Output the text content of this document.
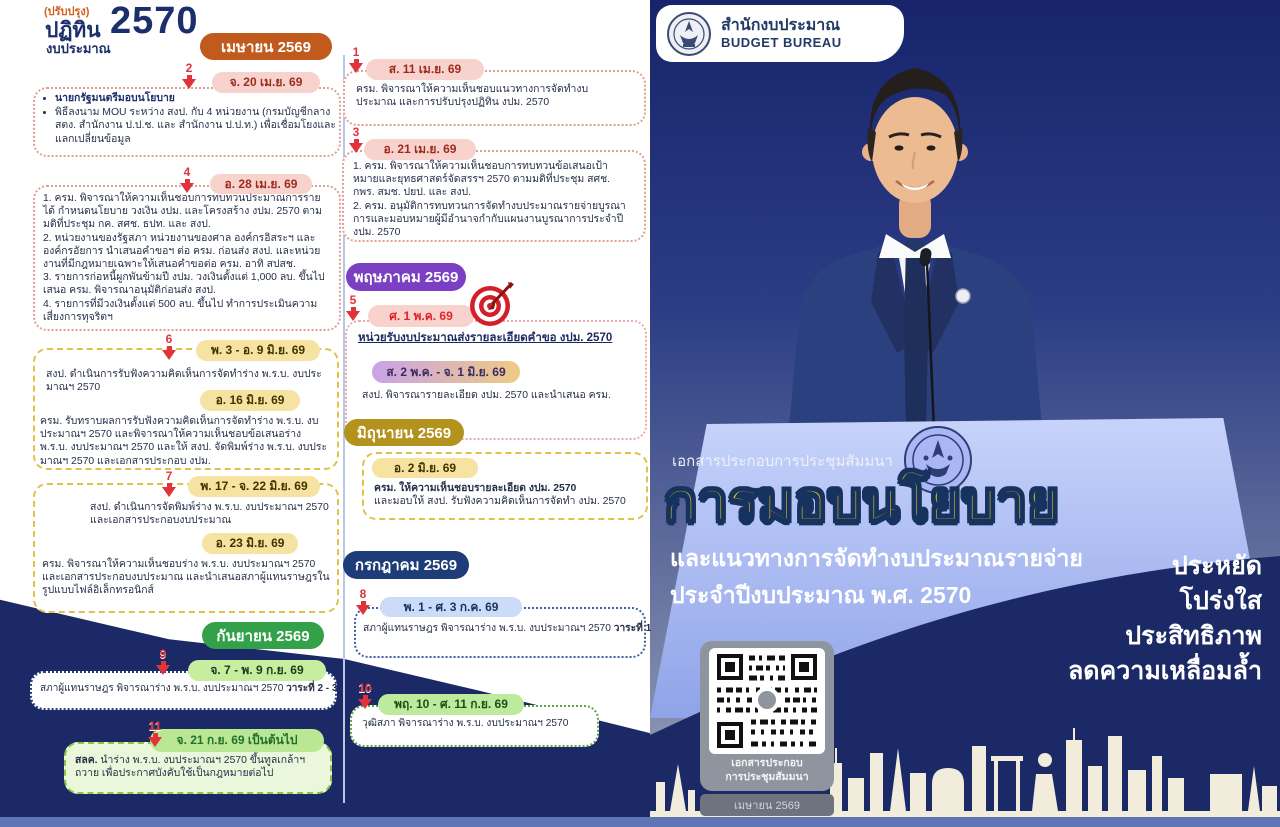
(ปรับปรุง)
ปฏิทิน 2570
งบประมาณ	เมษายน 2569
พฤษภาคม 2569
มิถุนายน 2569
กรกฎาคม 2569
กันยายน 2569
1
2
3
4
5
6
7
8
9
10
11
จ. 20 เม.ย. 69
• นายกรัฐมนตรีมอบนโยบาย
• พิธีลงนาม MOU ระหว่าง สงป. กับ 4 หน่วยงาน (กรมบัญชีกลาง สตง. สำนักงาน ป.ป.ช. และ สำนักงาน ป.ป.ท.) เพื่อเชื่อมโยงและแลกเปลี่ยนข้อมูล
อ. 28 เม.ย. 69
1. ครม. พิจารณาให้ความเห็นชอบการทบทวนประมาณการรายได้ กำหนดนโยบาย วงเงิน งปม. และโครงสร้าง งปม. 2570 ตามมติที่ประชุม กค. สศช. ธปท. และ สงป.
2. หน่วยงานของรัฐสภา หน่วยงานของศาล องค์กรอิสระฯ และองค์กรอัยการ นำเสนอคำขอฯ ต่อ ครม. ก่อนส่ง สงป. และหน่วยงานที่มีกฎหมายเฉพาะให้เสนอคำขอต่อ ครม. อาทิ สปสช.
3. รายการก่อหนี้ผูกพันข้ามปี งปม. วงเงินตั้งแต่ 1,000 ลบ. ขึ้นไป เสนอ ครม. พิจารณาอนุมัติก่อนส่ง สงป.
4. รายการที่มีวงเงินตั้งแต่ 500 ลบ. ขึ้นไป ทำการประเมินความเสี่ยงการทุจริตฯ
พ. 3 - อ. 9 มิ.ย. 69
สงป. ดำเนินการรับฟังความคิดเห็นการจัดทำร่าง พ.ร.บ. งบประมาณฯ 2570
อ. 16 มิ.ย. 69
ครม. รับทราบผลการรับฟังความคิดเห็นการจัดทำร่าง พ.ร.บ. งบประมาณฯ 2570 และพิจารณาให้ความเห็นชอบข้อเสนอร่าง พ.ร.บ. งบประมาณฯ 2570 และให้ สงป. จัดพิมพ์ร่าง พ.ร.บ. งบประมาณฯ 2570 และเอกสารประกอบ งปม.
พ. 17 - จ. 22 มิ.ย. 69
สงป. ดำเนินการจัดพิมพ์ร่าง พ.ร.บ. งบประมาณฯ 2570 และเอกสารประกอบงบประมาณ
อ. 23 มิ.ย. 69
ครม. พิจารณาให้ความเห็นชอบร่าง พ.ร.บ. งบประมาณฯ 2570 และเอกสารประกอบงบประมาณ และนำเสนอสภาผู้แทนราษฎรในรูปแบบไฟล์อิเล็กทรอนิกส์
จ. 7 - พ. 9 ก.ย. 69
สภาผู้แทนราษฎร พิจารณาร่าง พ.ร.บ. งบประมาณฯ 2570 วาระที่ 2 - 3
จ. 21 ก.ย. 69 เป็นต้นไป
สลค. นำร่าง พ.ร.บ. งบประมาณฯ 2570 ขึ้นทูลเกล้าฯ ถวาย เพื่อประกาศบังคับใช้เป็นกฎหมายต่อไป
ส. 11 เม.ย. 69
ครม. พิจารณาให้ความเห็นชอบแนวทางการจัดทำงบประมาณ และการปรับปรุงปฏิทิน งปม. 2570
อ. 21 เม.ย. 69
1. ครม. พิจารณาให้ความเห็นชอบการทบทวนข้อเสนอเป้าหมายและยุทธศาสตร์จัดสรรฯ 2570 ตามมติที่ประชุม สศช. กพร. สมช. ปยป. และ สงป.
2. ครม. อนุมัติการทบทวนการจัดทำงบประมาณรายจ่ายบูรณาการและมอบหมายผู้มีอำนาจกำกับแผนงานบูรณาการประจำปี งปม. 2570
ศ. 1 พ.ค. 69
หน่วยรับงบประมาณส่งรายละเอียดคำขอ งปม. 2570
ส. 2 พ.ค. - จ. 1 มิ.ย. 69
สงป. พิจารณารายละเอียด งปม. 2570 และนำเสนอ ครม.
อ. 2 มิ.ย. 69
ครม. ให้ความเห็นชอบรายละเอียด งปม. 2570
และมอบให้ สงป. รับฟังความคิดเห็นการจัดทำ งปม. 2570
พ. 1 - ศ. 3 ก.ค. 69
สภาผู้แทนราษฎร พิจารณาร่าง พ.ร.บ. งบประมาณฯ 2570 วาระที่ 1
พฤ. 10 - ศ. 11 ก.ย. 69
วุฒิสภา พิจารณาร่าง พ.ร.บ. งบประมาณฯ 2570
สำนักงบประมาณ
BUDGET BUREAU
เอกสารประกอบการประชุมสัมมนา
การมอบนโยบาย
และแนวทางการจัดทำงบประมาณรายจ่าย
ประจำปีงบประมาณ พ.ศ. 2570
ประหยัด
โปร่งใส
ประสิทธิภาพ
ลดความเหลื่อมล้ำ
เอกสารประกอบ
การประชุมสัมมนา
เมษายน 2569
